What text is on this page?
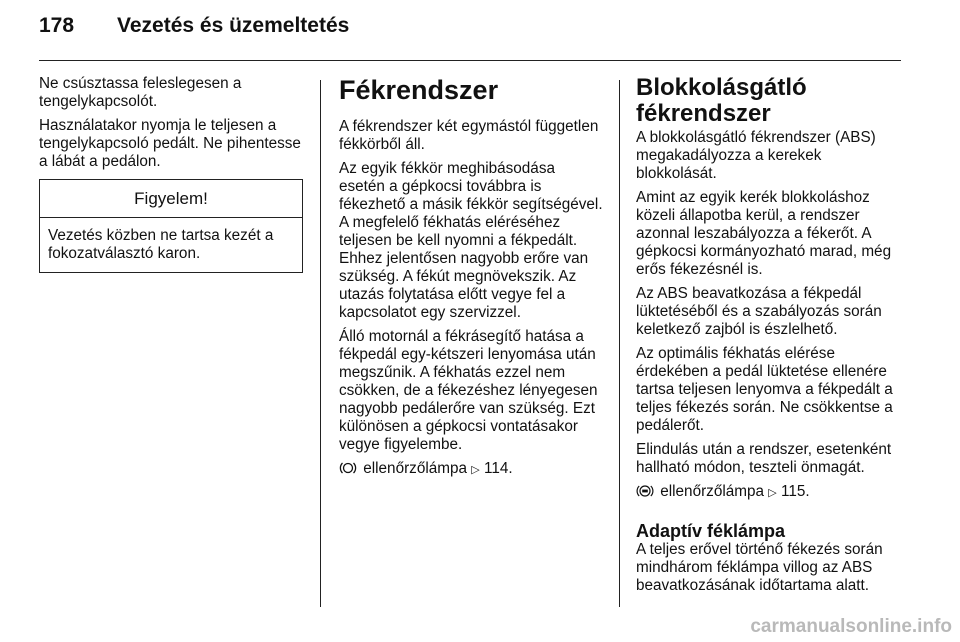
178 Vezetés és üzemeltetés

Ne csúsztassa feleslegesen a tengelykapcsolót.

Használatakor nyomja le teljesen a tengelykapcsoló pedált. Ne pihentesse a lábát a pedálon.

Figyelem!
Vezetés közben ne tartsa kezét a fokozatválasztó karon.
Fékrendszer

A fékrendszer két egymástól független fékkörből áll.

Az egyik fékkör meghibásodása esetén a gépkocsi továbbra is fékezhető a másik fékkör segítségével. A megfelelő fékhatás eléréséhez teljesen be kell nyomni a fékpedált. Ehhez jelentősen nagyobb erőre van szükség. A fékút megnövekszik. Az utazás folytatása előtt vegye fel a kapcsolatot egy szervizzel.

Álló motornál a fékrásegítő hatása a fékpedál egy-kétszeri lenyomása után megszűnik. A fékhatás ezzel nem csökken, de a fékezéshez lényegesen nagyobb pedálerőre van szükség. Ezt különösen a gépkocsi vontatásakor vegye figyelembe.

ellenőrzőlámpa ▷ 114.

Blokkolásgátló fékrendszer

A blokkolásgátló fékrendszer (ABS) megakadályozza a kerekek blokkolását.

Amint az egyik kerék blokkoláshoz közeli állapotba kerül, a rendszer azonnal leszabályozza a fékerőt. A gépkocsi kormányozható marad, még erős fékezésnél is.

Az ABS beavatkozása a fékpedál lüktetéséből és a szabályozás során keletkező zajból is észlelhető.

Az optimális fékhatás elérése érdekében a pedál lüktetése ellenére tartsa teljesen lenyomva a fékpedált a teljes fékezés során. Ne csökkentse a pedálerőt.

Elindulás után a rendszer, esetenként hallható módon, teszteli önmagát.

ellenőrzőlámpa ▷ 115.

Adaptív féklámpa

A teljes erővel történő fékezés során mindhárom féklámpa villog az ABS beavatkozásának időtartama alatt.

carmanualsonline.info
